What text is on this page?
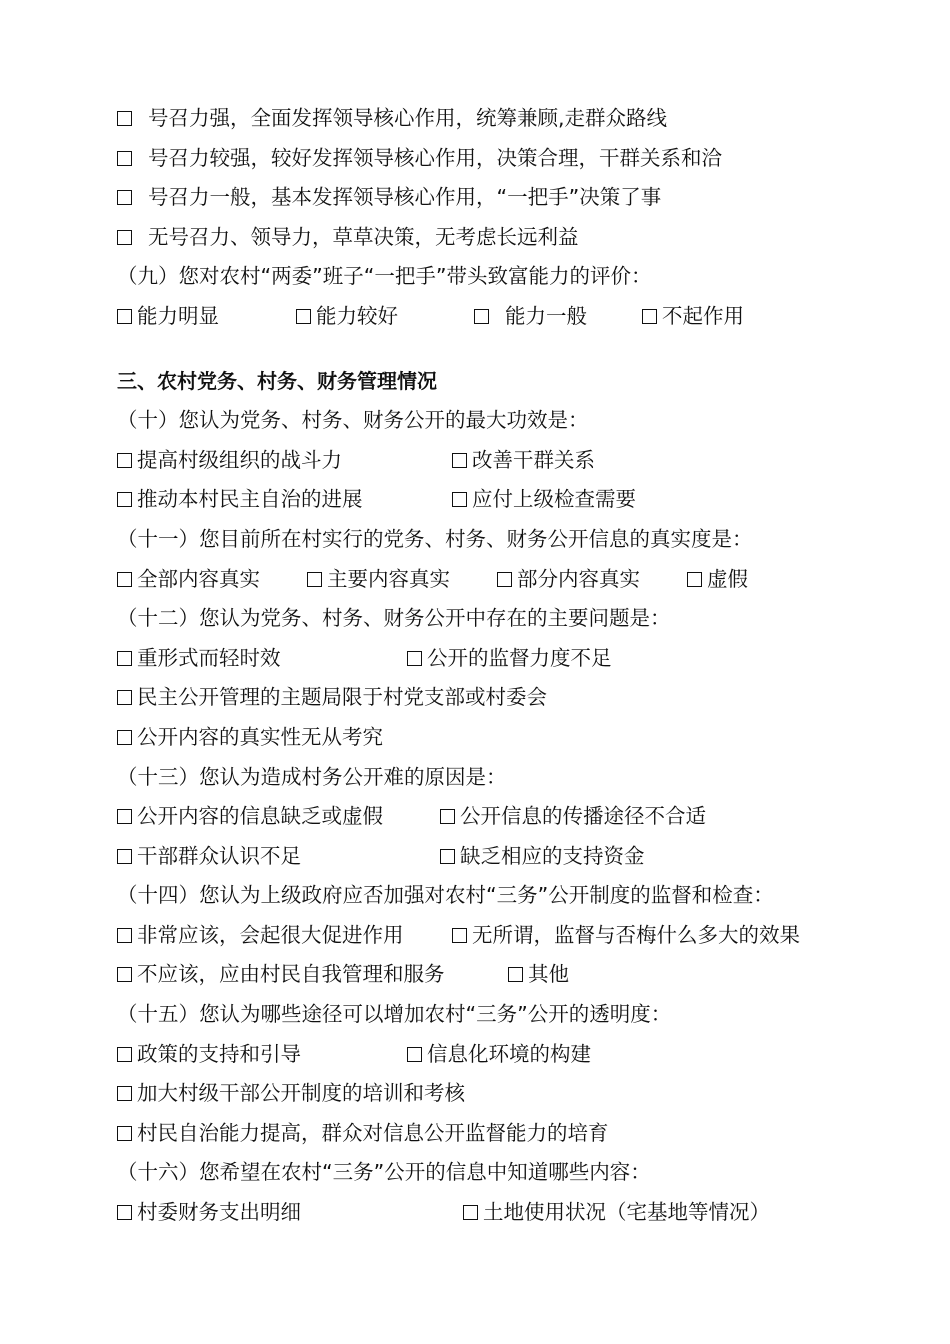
号召力强，全面发挥领导核心作用，统筹兼顾,走群众路线
号召力较强，较好发挥领导核心作用，决策合理，干群关系和洽
号召力一般，基本发挥领导核心作用，“一把手”决策了事
无号召力、领导力，草草决策，无考虑长远利益
（九）您对农村“两委”班子“一把手”带头致富能力的评价：
能力明显	能力较好	能力一般	不起作用
三、农村党务、村务、财务管理情况
（十）您认为党务、村务、财务公开的最大功效是：
提高村级组织的战斗力	改善干群关系
推动本村民主自治的进展	应付上级检查需要
（十一）您目前所在村实行的党务、村务、财务公开信息的真实度是：
全部内容真实	主要内容真实	部分内容真实	虚假
（十二）您认为党务、村务、财务公开中存在的主要问题是：
重形式而轻时效	公开的监督力度不足
民主公开管理的主题局限于村党支部或村委会
公开内容的真实性无从考究
（十三）您认为造成村务公开难的原因是：
公开内容的信息缺乏或虚假	公开信息的传播途径不合适
干部群众认识不足	缺乏相应的支持资金
（十四）您认为上级政府应否加强对农村“三务”公开制度的监督和检查：
非常应该，会起很大促进作用	无所谓，监督与否梅什么多大的效果
不应该，应由村民自我管理和服务	其他
（十五）您认为哪些途径可以增加农村“三务”公开的透明度：
政策的支持和引导	信息化环境的构建
加大村级干部公开制度的培训和考核
村民自治能力提高，群众对信息公开监督能力的培育
（十六）您希望在农村“三务”公开的信息中知道哪些内容：
村委财务支出明细	土地使用状况（宅基地等情况）
